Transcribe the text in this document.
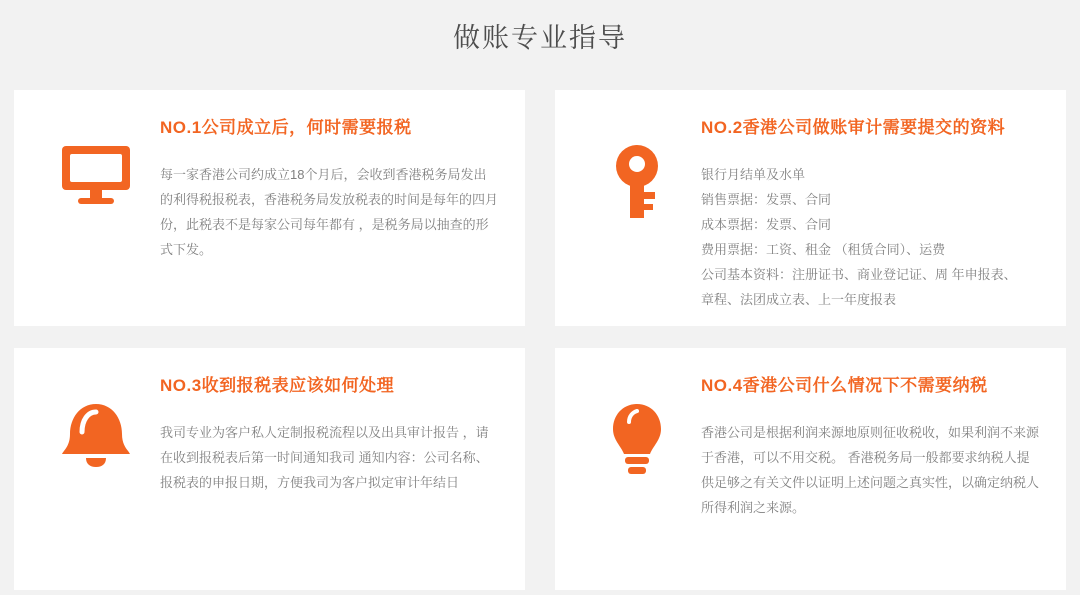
做账专业指导
NO.1公司成立后，何时需要报税

每一家香港公司约成立18个月后，会收到香港税务局发出的利得税报税表，香港税务局发放税表的时间是每年的四月份，此税表不是每家公司每年都有 ，是税务局以抽查的形式下发。

NO.2香港公司做账审计需要提交的资料
银行月结单及水单
销售票据：发票、合同
成本票据：发票、合同
费用票据：工资、租金 （租赁合同）、运费
公司基本资料：注册证书、商业登记证、周 年申报表、
章程、法团成立表、上一年度报表
NO.3收到报税表应该如何处理

我司专业为客户私人定制报税流程以及出具审计报告 ，请在收到报税表后第一时间通知我司 通知内容：公司名称、报税表的申报日期，方便我司为客户拟定审计年结日

NO.4香港公司什么情况下不需要纳税

香港公司是根据利润来源地原则征收税收，如果利润不来源于香港，可以不用交税。 香港税务局一般都要求纳税人提供足够之有关文件以证明上述问题之真实性，以确定纳税人所得利润之来源。
